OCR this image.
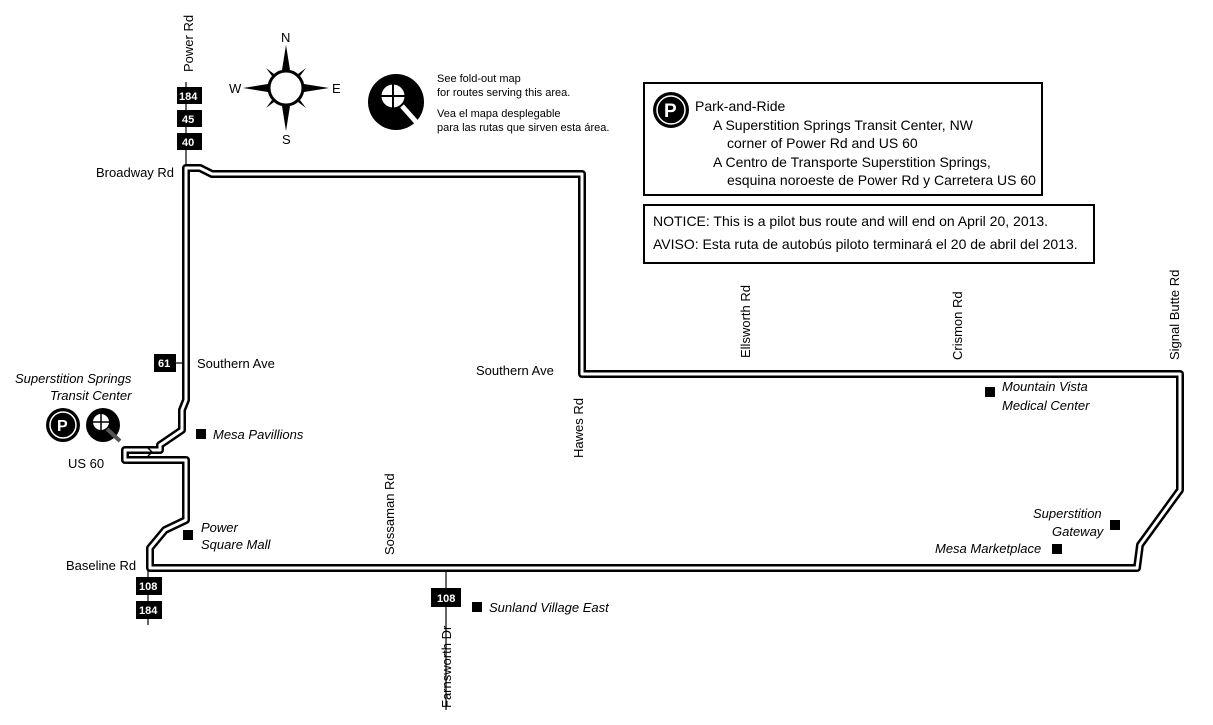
N
S
W	E
See fold-out map
for routes serving this area.
Vea el mapa desplegable
para las rutas que sirven esta área.
184
45
40
61
108
184
108
Power Rd
Broadway Rd
Southern Ave	Southern Ave
US 60
Baseline Rd
Sossaman Rd
Hawes Rd
Ellsworth Rd	Crismon Rd	Signal Butte Rd
Farnsworth Dr
Superstition Springs
Transit Center
P	Mesa Pavillions
Power
Square Mall
Sunland Village East
Mountain Vista
Medical Center
Superstition
Gateway
Mesa Marketplace
P Park-and-Ride
A Superstition Springs Transit Center, NW
corner of Power Rd and US 60
A Centro de Transporte Superstition Springs,
esquina noroeste de Power Rd y Carretera US 60
NOTICE: This is a pilot bus route and will end on April 20, 2013.
AVISO: Esta ruta de autobús piloto terminará el 20 de abril del 2013.
